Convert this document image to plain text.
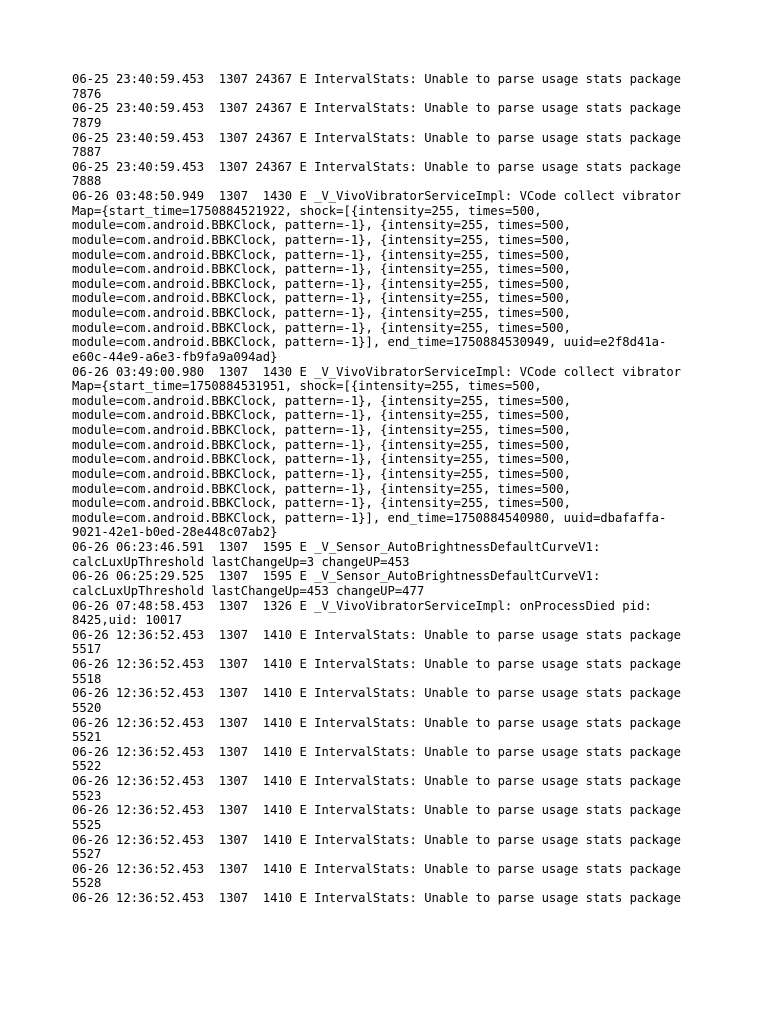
06-25 23:40:59.453  1307 24367 E IntervalStats: Unable to parse usage stats package
7876
06-25 23:40:59.453  1307 24367 E IntervalStats: Unable to parse usage stats package
7879
06-25 23:40:59.453  1307 24367 E IntervalStats: Unable to parse usage stats package
7887
06-25 23:40:59.453  1307 24367 E IntervalStats: Unable to parse usage stats package
7888
06-26 03:48:50.949  1307  1430 E _V_VivoVibratorServiceImpl: VCode collect vibrator
Map={start_time=1750884521922, shock=[{intensity=255, times=500,
module=com.android.BBKClock, pattern=-1}, {intensity=255, times=500,
module=com.android.BBKClock, pattern=-1}, {intensity=255, times=500,
module=com.android.BBKClock, pattern=-1}, {intensity=255, times=500,
module=com.android.BBKClock, pattern=-1}, {intensity=255, times=500,
module=com.android.BBKClock, pattern=-1}, {intensity=255, times=500,
module=com.android.BBKClock, pattern=-1}, {intensity=255, times=500,
module=com.android.BBKClock, pattern=-1}, {intensity=255, times=500,
module=com.android.BBKClock, pattern=-1}, {intensity=255, times=500,
module=com.android.BBKClock, pattern=-1}], end_time=1750884530949, uuid=e2f8d41a-
e60c-44e9-a6e3-fb9fa9a094ad}
06-26 03:49:00.980  1307  1430 E _V_VivoVibratorServiceImpl: VCode collect vibrator
Map={start_time=1750884531951, shock=[{intensity=255, times=500,
module=com.android.BBKClock, pattern=-1}, {intensity=255, times=500,
module=com.android.BBKClock, pattern=-1}, {intensity=255, times=500,
module=com.android.BBKClock, pattern=-1}, {intensity=255, times=500,
module=com.android.BBKClock, pattern=-1}, {intensity=255, times=500,
module=com.android.BBKClock, pattern=-1}, {intensity=255, times=500,
module=com.android.BBKClock, pattern=-1}, {intensity=255, times=500,
module=com.android.BBKClock, pattern=-1}, {intensity=255, times=500,
module=com.android.BBKClock, pattern=-1}, {intensity=255, times=500,
module=com.android.BBKClock, pattern=-1}], end_time=1750884540980, uuid=dbafaffa-
9021-42e1-b0ed-28e448c07ab2}
06-26 06:23:46.591  1307  1595 E _V_Sensor_AutoBrightnessDefaultCurveV1:
calcLuxUpThreshold lastChangeUp=3 changeUP=453
06-26 06:25:29.525  1307  1595 E _V_Sensor_AutoBrightnessDefaultCurveV1:
calcLuxUpThreshold lastChangeUp=453 changeUP=477
06-26 07:48:58.453  1307  1326 E _V_VivoVibratorServiceImpl: onProcessDied pid:
8425,uid: 10017
06-26 12:36:52.453  1307  1410 E IntervalStats: Unable to parse usage stats package
5517
06-26 12:36:52.453  1307  1410 E IntervalStats: Unable to parse usage stats package
5518
06-26 12:36:52.453  1307  1410 E IntervalStats: Unable to parse usage stats package
5520
06-26 12:36:52.453  1307  1410 E IntervalStats: Unable to parse usage stats package
5521
06-26 12:36:52.453  1307  1410 E IntervalStats: Unable to parse usage stats package
5522
06-26 12:36:52.453  1307  1410 E IntervalStats: Unable to parse usage stats package
5523
06-26 12:36:52.453  1307  1410 E IntervalStats: Unable to parse usage stats package
5525
06-26 12:36:52.453  1307  1410 E IntervalStats: Unable to parse usage stats package
5527
06-26 12:36:52.453  1307  1410 E IntervalStats: Unable to parse usage stats package
5528
06-26 12:36:52.453  1307  1410 E IntervalStats: Unable to parse usage stats package
